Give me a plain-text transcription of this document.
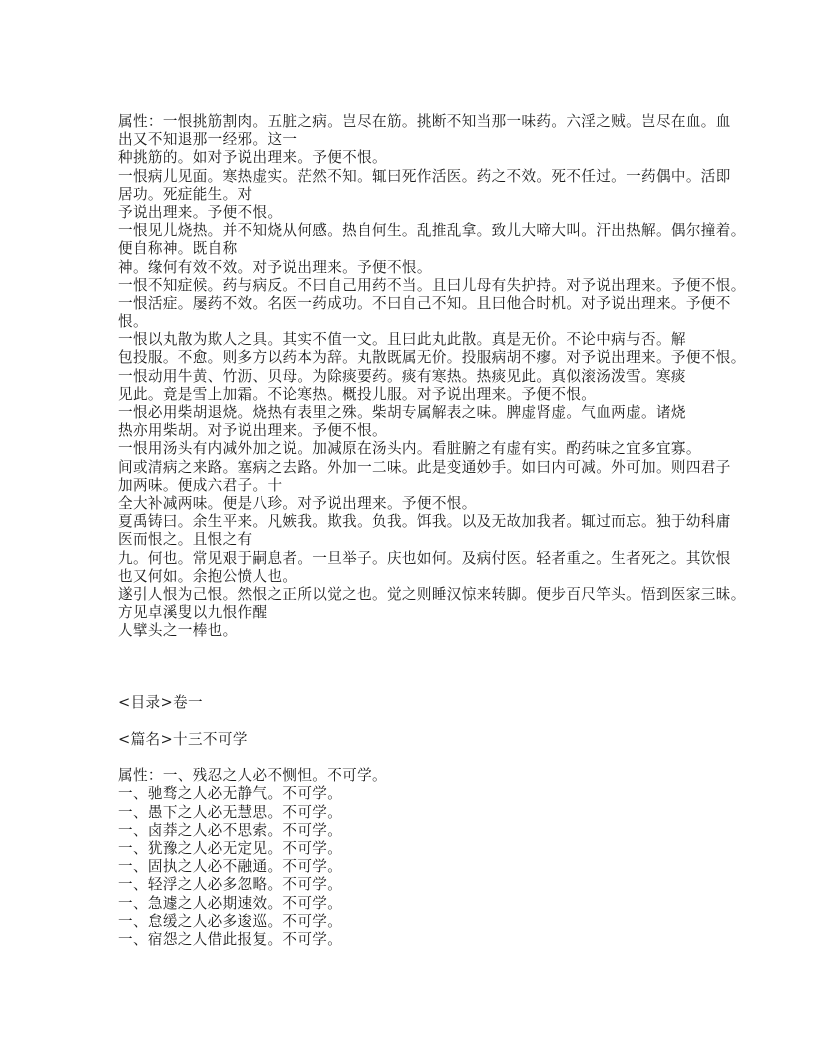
属性：一恨挑筋割肉。五脏之病。岂尽在筋。挑断不知当那一味药。六淫之贼。岂尽在血。血
出又不知退那一经邪。这一
种挑筋的。如对予说出理来。予便不恨。
一恨病儿见面。寒热虚实。茫然不知。辄曰死作活医。药之不效。死不任过。一药偶中。活即
居功。死症能生。对
予说出理来。予便不恨。
一恨见儿烧热。并不知烧从何感。热自何生。乱推乱拿。致儿大啼大叫。汗出热解。偶尔撞着。
便自称神。既自称
神。缘何有效不效。对予说出理来。予便不恨。
一恨不知症候。药与病反。不曰自己用药不当。且曰儿母有失护持。对予说出理来。予便不恨。
一恨活症。屡药不效。名医一药成功。不曰自己不知。且曰他合时机。对予说出理来。予便不
恨。
一恨以丸散为欺人之具。其实不值一文。且曰此丸此散。真是无价。不论中病与否。解
包投服。不愈。则多方以药本为辞。丸散既属无价。投服病胡不瘳。对予说出理来。予便不恨。
一恨动用牛黄、竹沥、贝母。为除痰要药。痰有寒热。热痰见此。真似滚汤泼雪。寒痰
见此。竟是雪上加霜。不论寒热。概投儿服。对予说出理来。予便不恨。
一恨必用柴胡退烧。烧热有表里之殊。柴胡专属解表之味。脾虚肾虚。气血两虚。诸烧
热亦用柴胡。对予说出理来。予便不恨。
一恨用汤头有内减外加之说。加减原在汤头内。看脏腑之有虚有实。酌药味之宜多宜寡。
间或清病之来路。塞病之去路。外加一二味。此是变通妙手。如曰内可减。外可加。则四君子
加两味。便成六君子。十
全大补减两味。便是八珍。对予说出理来。予便不恨。
夏禹铸曰。余生平来。凡嫉我。欺我。负我。饵我。以及无故加我者。辄过而忘。独于幼科庸
医而恨之。且恨之有
九。何也。常见艰于嗣息者。一旦举子。庆也如何。及病付医。轻者重之。生者死之。其饮恨
也又何如。余抱公愤人也。
遂引人恨为己恨。然恨之正所以觉之也。觉之则睡汉惊来转脚。便步百尺竿头。悟到医家三昧。
方见卓溪叟以九恨作醒
人擘头之一棒也。
<目录>卷一
<篇名>十三不可学
属性：一、残忍之人必不恻怛。不可学。
一、驰骛之人必无静气。不可学。
一、愚下之人必无慧思。不可学。
一、卤莽之人必不思索。不可学。
一、犹豫之人必无定见。不可学。
一、固执之人必不融通。不可学。
一、轻浮之人必多忽略。不可学。
一、急遽之人必期速效。不可学。
一、怠缓之人必多逡巡。不可学。
一、宿怨之人借此报复。不可学。
